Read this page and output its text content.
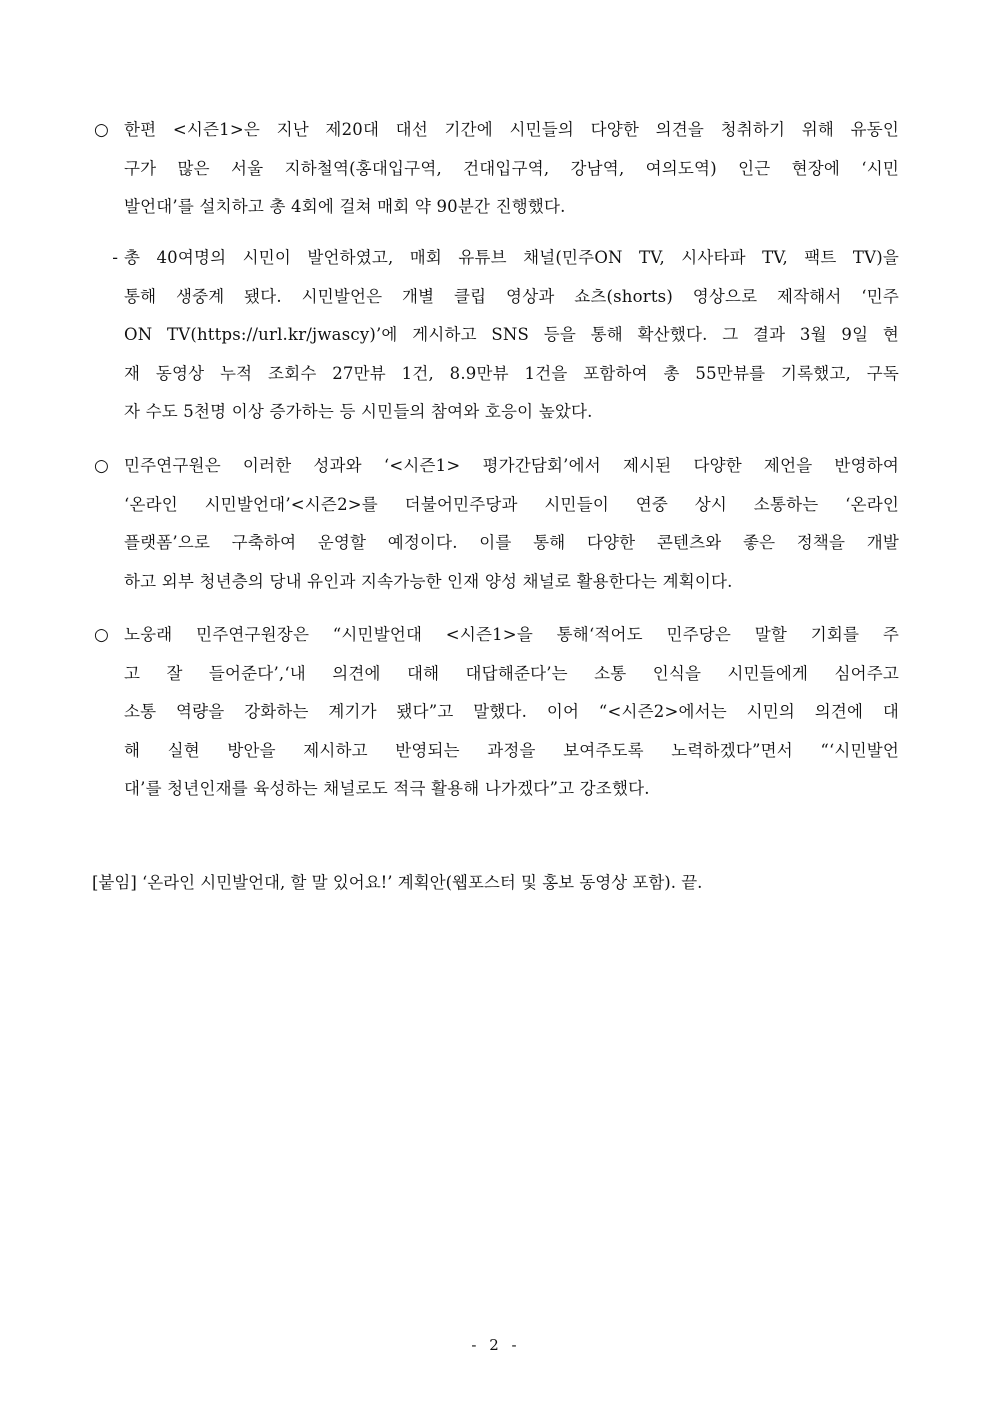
○ 한편 <시즌1>은 지난 제20대 대선 기간에 시민들의 다양한 의견을 청취하기 위해 유동인
구가 많은 서울 지하철역(홍대입구역, 건대입구역, 강남역, 여의도역) 인근 현장에 ‘시민
발언대’를 설치하고 총 4회에 걸쳐 매회 약 90분간 진행했다.
- 총 40여명의 시민이 발언하였고, 매회 유튜브 채널(민주ON TV, 시사타파 TV, 팩트 TV)을
통해 생중계 됐다. 시민발언은 개별 클립 영상과 쇼츠(shorts) 영상으로 제작해서 ‘민주
ON TV(https://url.kr/jwascy)’에 게시하고 SNS 등을 통해 확산했다. 그 결과 3월 9일 현
재 동영상 누적 조회수 27만뷰 1건, 8.9만뷰 1건을 포함하여 총 55만뷰를 기록했고, 구독
자 수도 5천명 이상 증가하는 등 시민들의 참여와 호응이 높았다.
○ 민주연구원은 이러한 성과와 ‘<시즌1> 평가간담회’에서 제시된 다양한 제언을 반영하여
‘온라인 시민발언대’<시즌2>를 더불어민주당과 시민들이 연중 상시 소통하는 ‘온라인
플랫폼’으로 구축하여 운영할 예정이다. 이를 통해 다양한 콘텐츠와 좋은 정책을 개발
하고 외부 청년층의 당내 유인과 지속가능한 인재 양성 채널로 활용한다는 계획이다.
○ 노웅래 민주연구원장은 “시민발언대 <시즌1>을 통해‘적어도 민주당은 말할 기회를 주
고 잘 들어준다’,‘내 의견에 대해 대답해준다’는 소통 인식을 시민들에게 심어주고
소통 역량을 강화하는 계기가 됐다”고 말했다. 이어 “<시즌2>에서는 시민의 의견에 대
해 실현 방안을 제시하고 반영되는 과정을 보여주도록 노력하겠다”면서 “‘시민발언
대’를 청년인재를 육성하는 채널로도 적극 활용해 나가겠다”고 강조했다.
[붙임] ‘온라인 시민발언대, 할 말 있어요!’ 계획안(웹포스터 및 홍보 동영상 포함). 끝.
- 2 -
